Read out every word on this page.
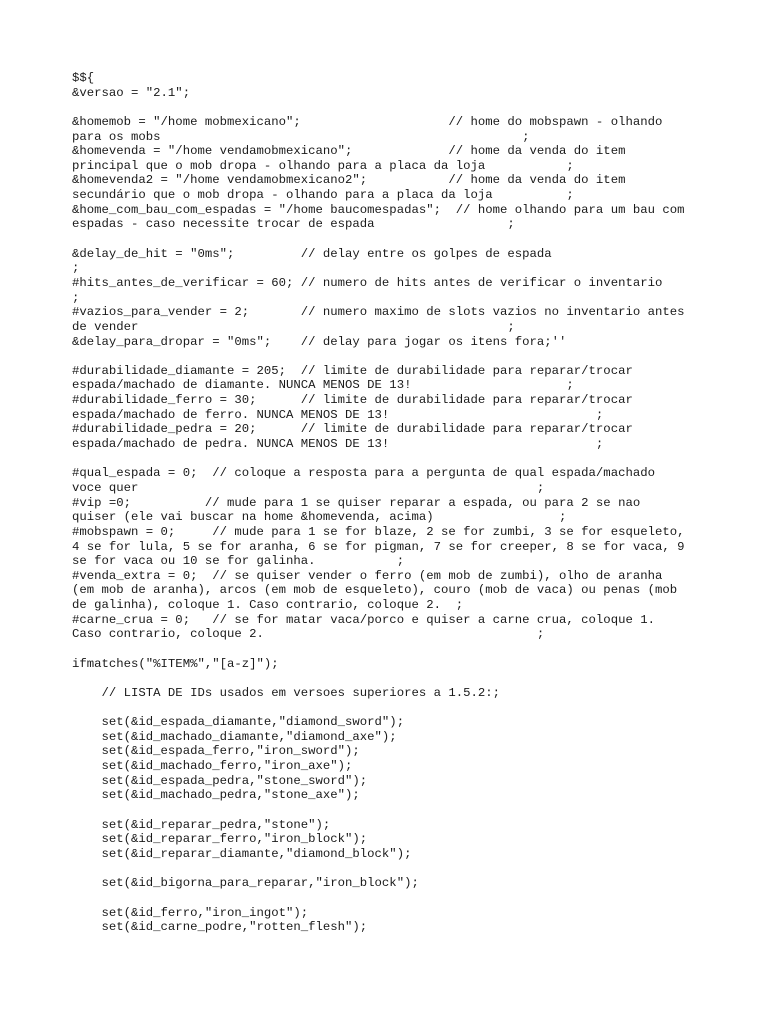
$${
&versao = "2.1";
&homemob = "/home mobmexicano";                    // home do mobspawn - olhando
para os mobs                                                 ;
&homevenda = "/home vendamobmexicano";             // home da venda do item
principal que o mob dropa - olhando para a placa da loja           ;
&homevenda2 = "/home vendamobmexicano2";           // home da venda do item
secundário que o mob dropa - olhando para a placa da loja          ;
&home_com_bau_com_espadas = "/home baucomespadas";  // home olhando para um bau com
espadas - caso necessite trocar de espada                  ;
&delay_de_hit = "0ms";         // delay entre os golpes de espada
;
#hits_antes_de_verificar = 60; // numero de hits antes de verificar o inventario
;
#vazios_para_vender = 2;       // numero maximo de slots vazios no inventario antes
de vender                                                  ;
&delay_para_dropar = "0ms";    // delay para jogar os itens fora;''
#durabilidade_diamante = 205;  // limite de durabilidade para reparar/trocar
espada/machado de diamante. NUNCA MENOS DE 13!                     ;
#durabilidade_ferro = 30;      // limite de durabilidade para reparar/trocar
espada/machado de ferro. NUNCA MENOS DE 13!                            ;
#durabilidade_pedra = 20;      // limite de durabilidade para reparar/trocar
espada/machado de pedra. NUNCA MENOS DE 13!                            ;
#qual_espada = 0;  // coloque a resposta para a pergunta de qual espada/machado
voce quer                                                      ;
#vip =0;          // mude para 1 se quiser reparar a espada, ou para 2 se nao
quiser (ele vai buscar na home &homevenda, acima)                 ;
#mobspawn = 0;     // mude para 1 se for blaze, 2 se for zumbi, 3 se for esqueleto,
4 se for lula, 5 se for aranha, 6 se for pigman, 7 se for creeper, 8 se for vaca, 9
se for vaca ou 10 se for galinha.           ;
#venda_extra = 0;  // se quiser vender o ferro (em mob de zumbi), olho de aranha
(em mob de aranha), arcos (em mob de esqueleto), couro (mob de vaca) ou penas (mob
de galinha), coloque 1. Caso contrario, coloque 2.  ;
#carne_crua = 0;   // se for matar vaca/porco e quiser a carne crua, coloque 1.
Caso contrario, coloque 2.                                     ;
ifmatches("%ITEM%","[a-z]");
// LISTA DE IDs usados em versoes superiores a 1.5.2:;
set(&id_espada_diamante,"diamond_sword");
set(&id_machado_diamante,"diamond_axe");
set(&id_espada_ferro,"iron_sword");
set(&id_machado_ferro,"iron_axe");
set(&id_espada_pedra,"stone_sword");
set(&id_machado_pedra,"stone_axe");
set(&id_reparar_pedra,"stone");
set(&id_reparar_ferro,"iron_block");
set(&id_reparar_diamante,"diamond_block");
set(&id_bigorna_para_reparar,"iron_block");
set(&id_ferro,"iron_ingot");
set(&id_carne_podre,"rotten_flesh");
